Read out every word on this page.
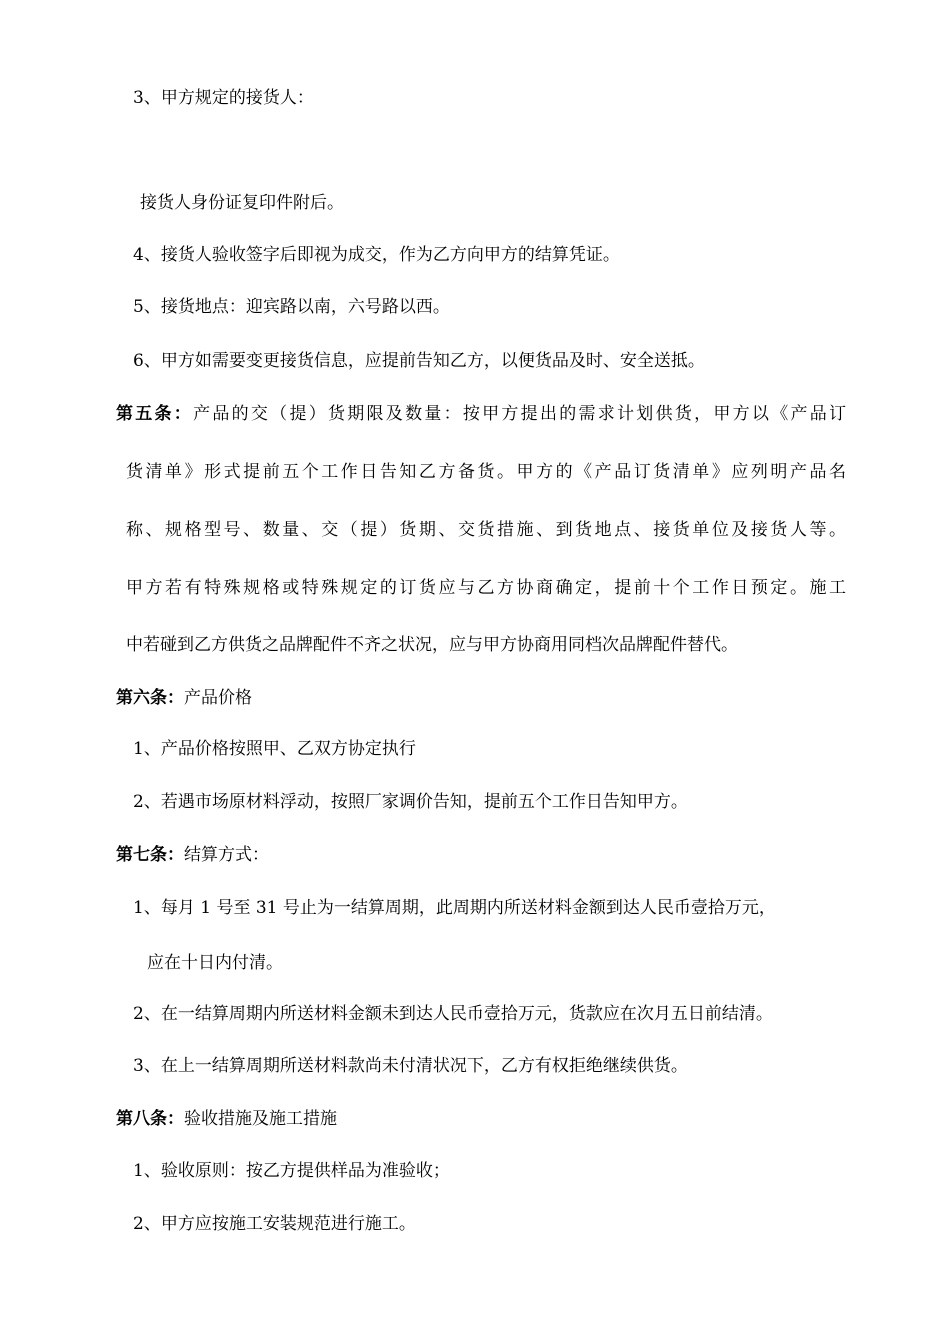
3、甲方规定的接货人：
接货人身份证复印件附后。
4、接货人验收签字后即视为成交，作为乙方向甲方的结算凭证。
5、接货地点：迎宾路以南，六号路以西。
6、甲方如需要变更接货信息，应提前告知乙方，以便货品及时、安全送抵。
第五条：产品的交（提）货期限及数量：按甲方提出的需求计划供货，甲方以《产品订
货清单》形式提前五个工作日告知乙方备货。甲方的《产品订货清单》应列明产品名
称、规格型号、数量、交（提）货期、交货措施、到货地点、接货单位及接货人等。
甲方若有特殊规格或特殊规定的订货应与乙方协商确定，提前十个工作日预定。施工
中若碰到乙方供货之品牌配件不齐之状况，应与甲方协商用同档次品牌配件替代。
第六条：产品价格
1、产品价格按照甲、乙双方协定执行
2、若遇市场原材料浮动，按照厂家调价告知，提前五个工作日告知甲方。
第七条：结算方式：
1、每月 1 号至 31 号止为一结算周期，此周期内所送材料金额到达人民币壹拾万元，
应在十日内付清。
2、在一结算周期内所送材料金额未到达人民币壹拾万元，货款应在次月五日前结清。
3、在上一结算周期所送材料款尚未付清状况下，乙方有权拒绝继续供货。
第八条：验收措施及施工措施
1、验收原则：按乙方提供样品为准验收；
2、甲方应按施工安装规范进行施工。
